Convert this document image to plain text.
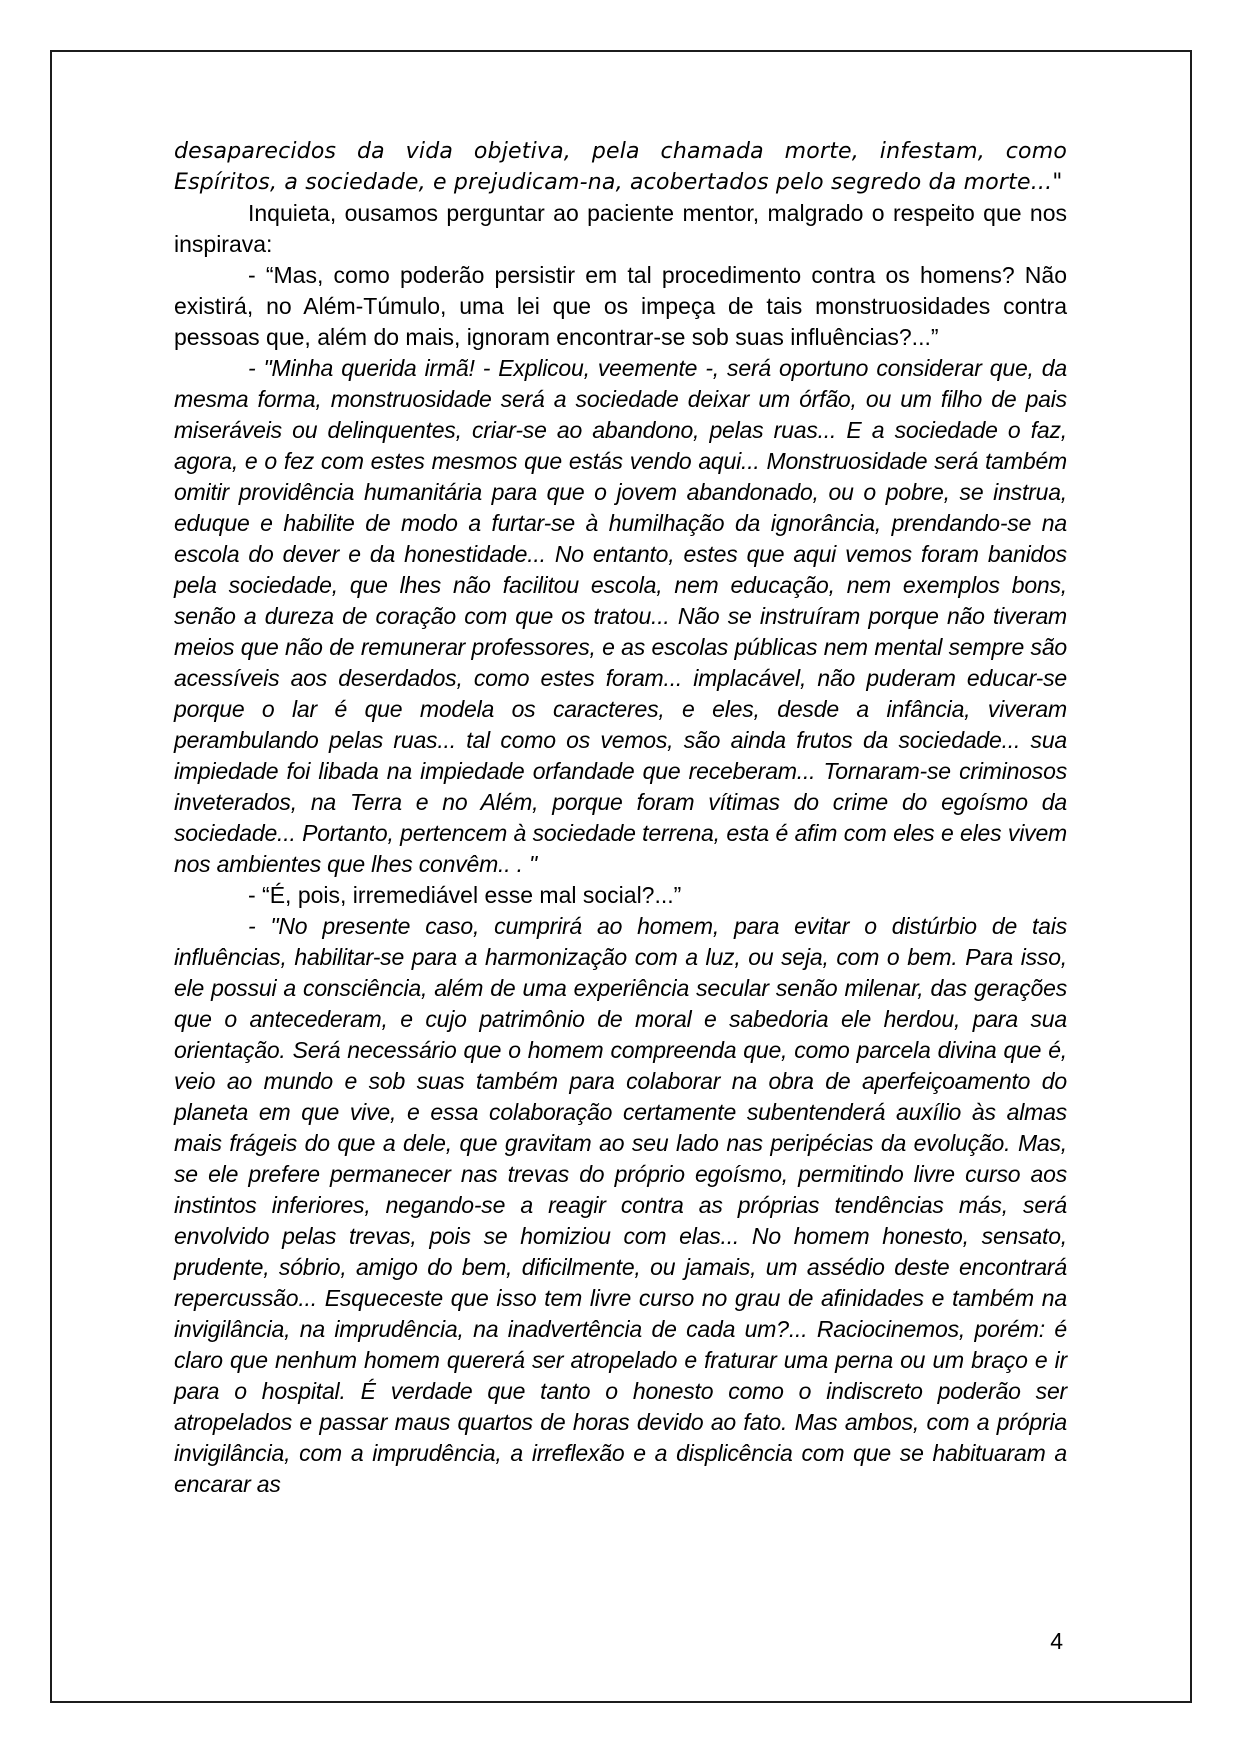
desaparecidos da vida objetiva, pela chamada morte, infestam, como Espíritos, a sociedade, e prejudicam-na, acobertados pelo segredo da morte..."

Inquieta, ousamos perguntar ao paciente mentor, malgrado o respeito que nos inspirava:

- “Mas, como poderão persistir em tal procedimento contra os homens? Não existirá, no Além-Túmulo, uma lei que os impeça de tais monstruosidades contra pessoas que, além do mais, ignoram encontrar-se sob suas influências?...”

- "Minha querida irmã! - Explicou, veemente -, será oportuno considerar que, da mesma forma, monstruosidade será a sociedade deixar um órfão, ou um filho de pais miseráveis ou delinquentes, criar-se ao abandono, pelas ruas... E a sociedade o faz, agora, e o fez com estes mesmos que estás vendo aqui... Monstruosidade será também omitir providência humanitária para que o jovem abandonado, ou o pobre, se instrua, eduque e habilite de modo a furtar-se à humilhação da ignorância, prendando-se na escola do dever e da honestidade... No entanto, estes que aqui vemos foram banidos pela sociedade, que lhes não facilitou escola, nem educação, nem exemplos bons, senão a dureza de coração com que os tratou... Não se instruíram porque não tiveram meios que não de remunerar professores, e as escolas públicas nem mental sempre são acessíveis aos deserdados, como estes foram... implacável, não puderam educar-se porque o lar é que modela os caracteres, e eles, desde a infância, viveram perambulando pelas ruas... tal como os vemos, são ainda frutos da sociedade... sua impiedade foi libada na impiedade orfandade que receberam... Tornaram-se criminosos inveterados, na Terra e no Além, porque foram vítimas do crime do egoísmo da sociedade... Portanto, pertencem à sociedade terrena, esta é afim com eles e eles vivem nos ambientes que lhes convêm.. . "

- “É, pois, irremediável esse mal social?...”

- "No presente caso, cumprirá ao homem, para evitar o distúrbio de tais influências, habilitar-se para a harmonização com a luz, ou seja, com o bem. Para isso, ele possui a consciência, além de uma experiência secular senão milenar, das gerações que o antecederam, e cujo patrimônio de moral e sabedoria ele herdou, para sua orientação. Será necessário que o homem compreenda que, como parcela divina que é, veio ao mundo e sob suas também para colaborar na obra de aperfeiçoamento do planeta em que vive, e essa colaboração certamente subentenderá auxílio às almas mais frágeis do que a dele, que gravitam ao seu lado nas peripécias da evolução. Mas, se ele prefere permanecer nas trevas do próprio egoísmo, permitindo livre curso aos instintos inferiores, negando-se a reagir contra as próprias tendências más, será envolvido pelas trevas, pois se homiziou com elas... No homem honesto, sensato, prudente, sóbrio, amigo do bem, dificilmente, ou jamais, um assédio deste encontrará repercussão... Esqueceste que isso tem livre curso no grau de afinidades e também na invigilância, na imprudência, na inadvertência de cada um?... Raciocinemos, porém: é claro que nenhum homem quererá ser atropelado e fraturar uma perna ou um braço e ir para o hospital. É verdade que tanto o honesto como o indiscreto poderão ser atropelados e passar maus quartos de horas devido ao fato. Mas ambos, com a própria invigilância, com a imprudência, a irreflexão e a displicência com que se habituaram a encarar as

4
